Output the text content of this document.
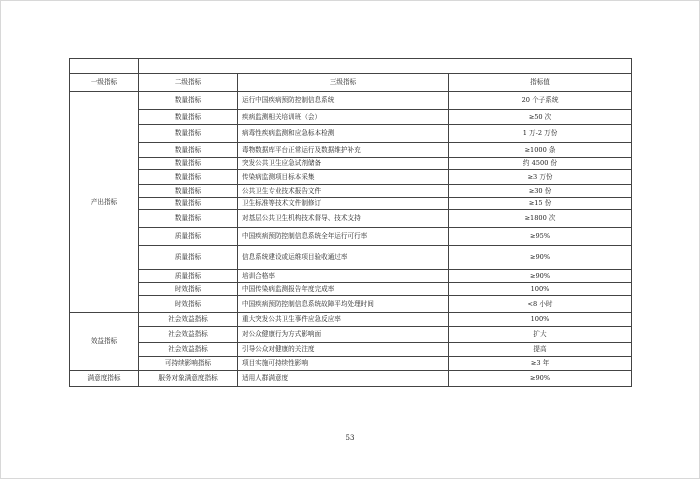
一级指标	二级指标	三级指标	指标值
产出指标	数量指标	运行中国疾病预防控制信息系统	20 个子系统
	数量指标	疾病监测相关培训班（会）	≥50 次
	数量指标	病毒性疾病监测和应急标本检测	1 万-2 万份
	数量指标	毒物数据库平台正常运行及数据维护补充	≥1000 条
	数量指标	突发公共卫生应急试剂储备	约 4500 份
	数量指标	传染病监测项目标本采集	≥3 万份
	数量指标	公共卫生专业技术报告文件	≥30 份
	数量指标	卫生标准等技术文件制修订	≥15 份
	数量指标	对基层公共卫生机构技术督导、技术支持	≥1800 次
	质量指标	中国疾病预防控制信息系统全年运行可行率	≥95%
	质量指标	信息系统建设或运维项目验收通过率	≥90%
	质量指标	培训合格率	≥90%
	时效指标	中国传染病监测报告年度完成率	100%
	时效指标	中国疾病预防控制信息系统故障平均处理时间	<8 小时
效益指标	社会效益指标	重大突发公共卫生事件应急反应率	100%
	社会效益指标	对公众健康行为方式影响面	扩大
	社会效益指标	引导公众对健康的关注度	提高
	可持续影响指标	项目实施可持续性影响	≥3 年
满意度指标	服务对象满意度指标	适用人群满意度	≥90%
53
